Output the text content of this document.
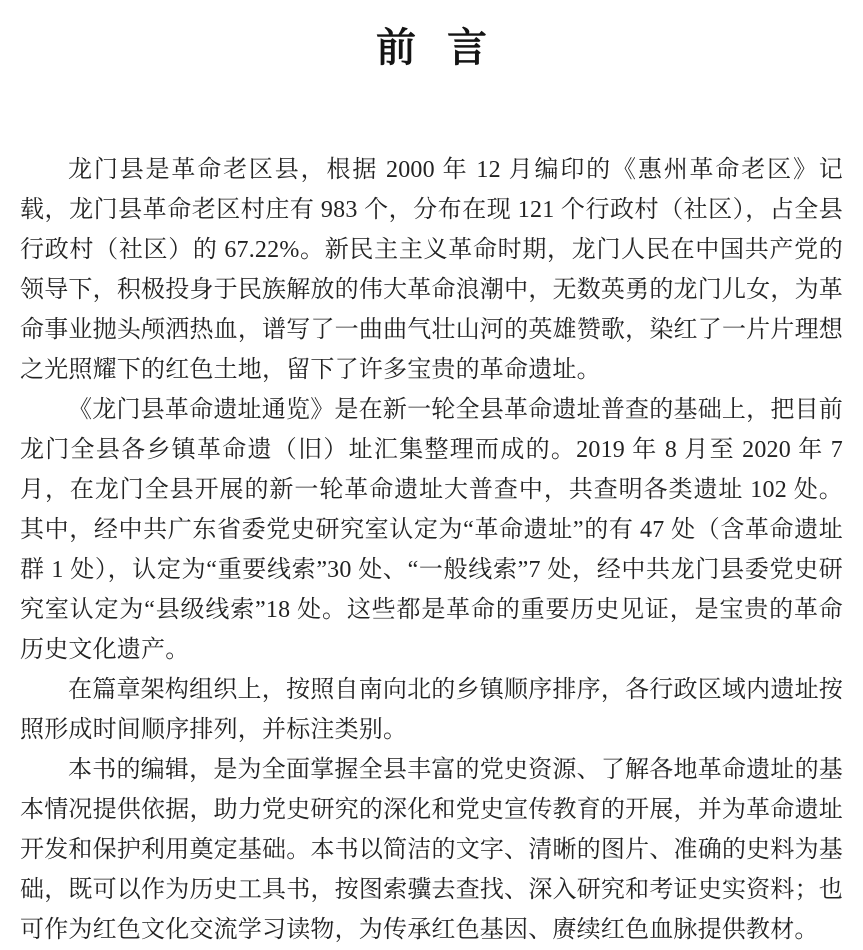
前 言

龙门县是革命老区县，根据 2000 年 12 月编印的《惠州革命老区》记载，龙门县革命老区村庄有 983 个，分布在现 121 个行政村（社区），占全县行政村（社区）的 67.22%。新民主主义革命时期，龙门人民在中国共产党的领导下，积极投身于民族解放的伟大革命浪潮中，无数英勇的龙门儿女，为革命事业抛头颅洒热血，谱写了一曲曲气壮山河的英雄赞歌，染红了一片片理想之光照耀下的红色土地，留下了许多宝贵的革命遗址。

《龙门县革命遗址通览》是在新一轮全县革命遗址普查的基础上，把目前龙门全县各乡镇革命遗（旧）址汇集整理而成的。2019 年 8 月至 2020 年 7 月，在龙门全县开展的新一轮革命遗址大普查中，共查明各类遗址 102 处。其中，经中共广东省委党史研究室认定为“革命遗址”的有 47 处（含革命遗址群 1 处），认定为“重要线索”30 处、“一般线索”7 处，经中共龙门县委党史研究室认定为“县级线索”18 处。这些都是革命的重要历史见证，是宝贵的革命历史文化遗产。

在篇章架构组织上，按照自南向北的乡镇顺序排序，各行政区域内遗址按照形成时间顺序排列，并标注类别。

本书的编辑，是为全面掌握全县丰富的党史资源、了解各地革命遗址的基本情况提供依据，助力党史研究的深化和党史宣传教育的开展，并为革命遗址开发和保护利用奠定基础。本书以简洁的文字、清晰的图片、准确的史料为基础，既可以作为历史工具书，按图索骥去查找、深入研究和考证史实资料；也可作为红色文化交流学习读物，为传承红色基因、赓续红色血脉提供教材。
